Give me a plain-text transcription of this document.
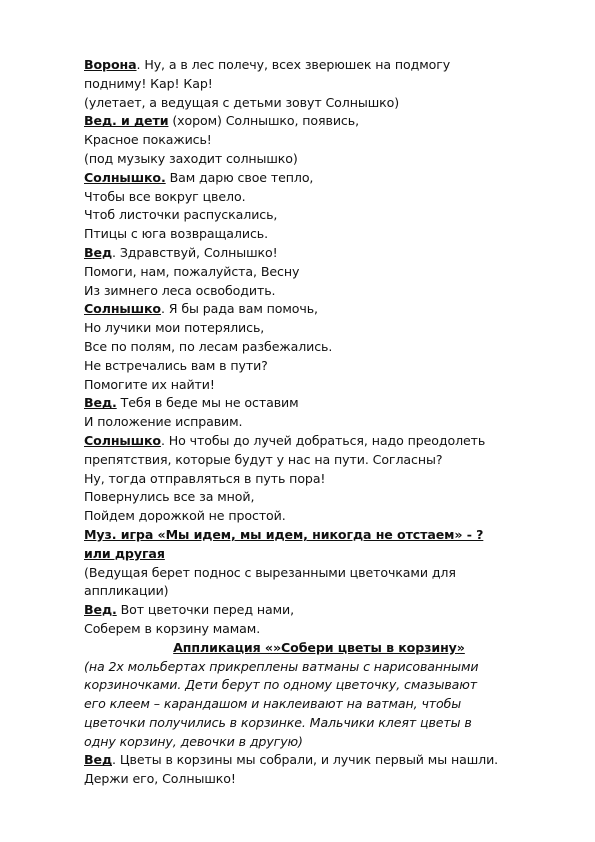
Ворона. Ну, а в лес полечу, всех зверюшек на подмогу
подниму! Кар! Кар!
(улетает, а ведущая с детьми зовут Солнышко)
Вед. и дети (хором) Солнышко, появись,
Красное покажись!
(под музыку заходит солнышко)
Солнышко. Вам дарю свое тепло,
Чтобы все вокруг цвело.
Чтоб листочки распускались,
Птицы с юга возвращались.
Вед. Здравствуй, Солнышко!
Помоги, нам, пожалуйста, Весну
Из зимнего леса освободить.
Солнышко. Я бы рада вам помочь,
Но лучики мои потерялись,
Все по полям, по лесам разбежались.
Не встречались вам в пути?
Помогите их найти!
Вед. Тебя в беде мы не оставим
И положение исправим.
Солнышко. Но чтобы до лучей добраться, надо преодолеть
препятствия, которые будут у нас на пути. Согласны?
Ну, тогда отправляться в путь пора!
Повернулись все за мной,
Пойдем дорожкой не простой.
Муз. игра «Мы идем, мы идем, никогда не отстаем» - ?
или другая
(Ведущая берет поднос с вырезанными цветочками для
аппликации)
Вед. Вот цветочки перед нами,
Соберем в корзину мамам.
Аппликация «»Собери цветы в корзину»
(на 2х мольбертах прикреплены ватманы с нарисованными
корзиночками. Дети берут по одному цветочку, смазывают
его клеем – карандашом и наклеивают на ватман, чтобы
цветочки получились в корзинке. Мальчики клеят цветы в
одну корзину, девочки в другую)
Вед. Цветы в корзины мы собрали, и лучик первый мы нашли.
Держи его, Солнышко!
